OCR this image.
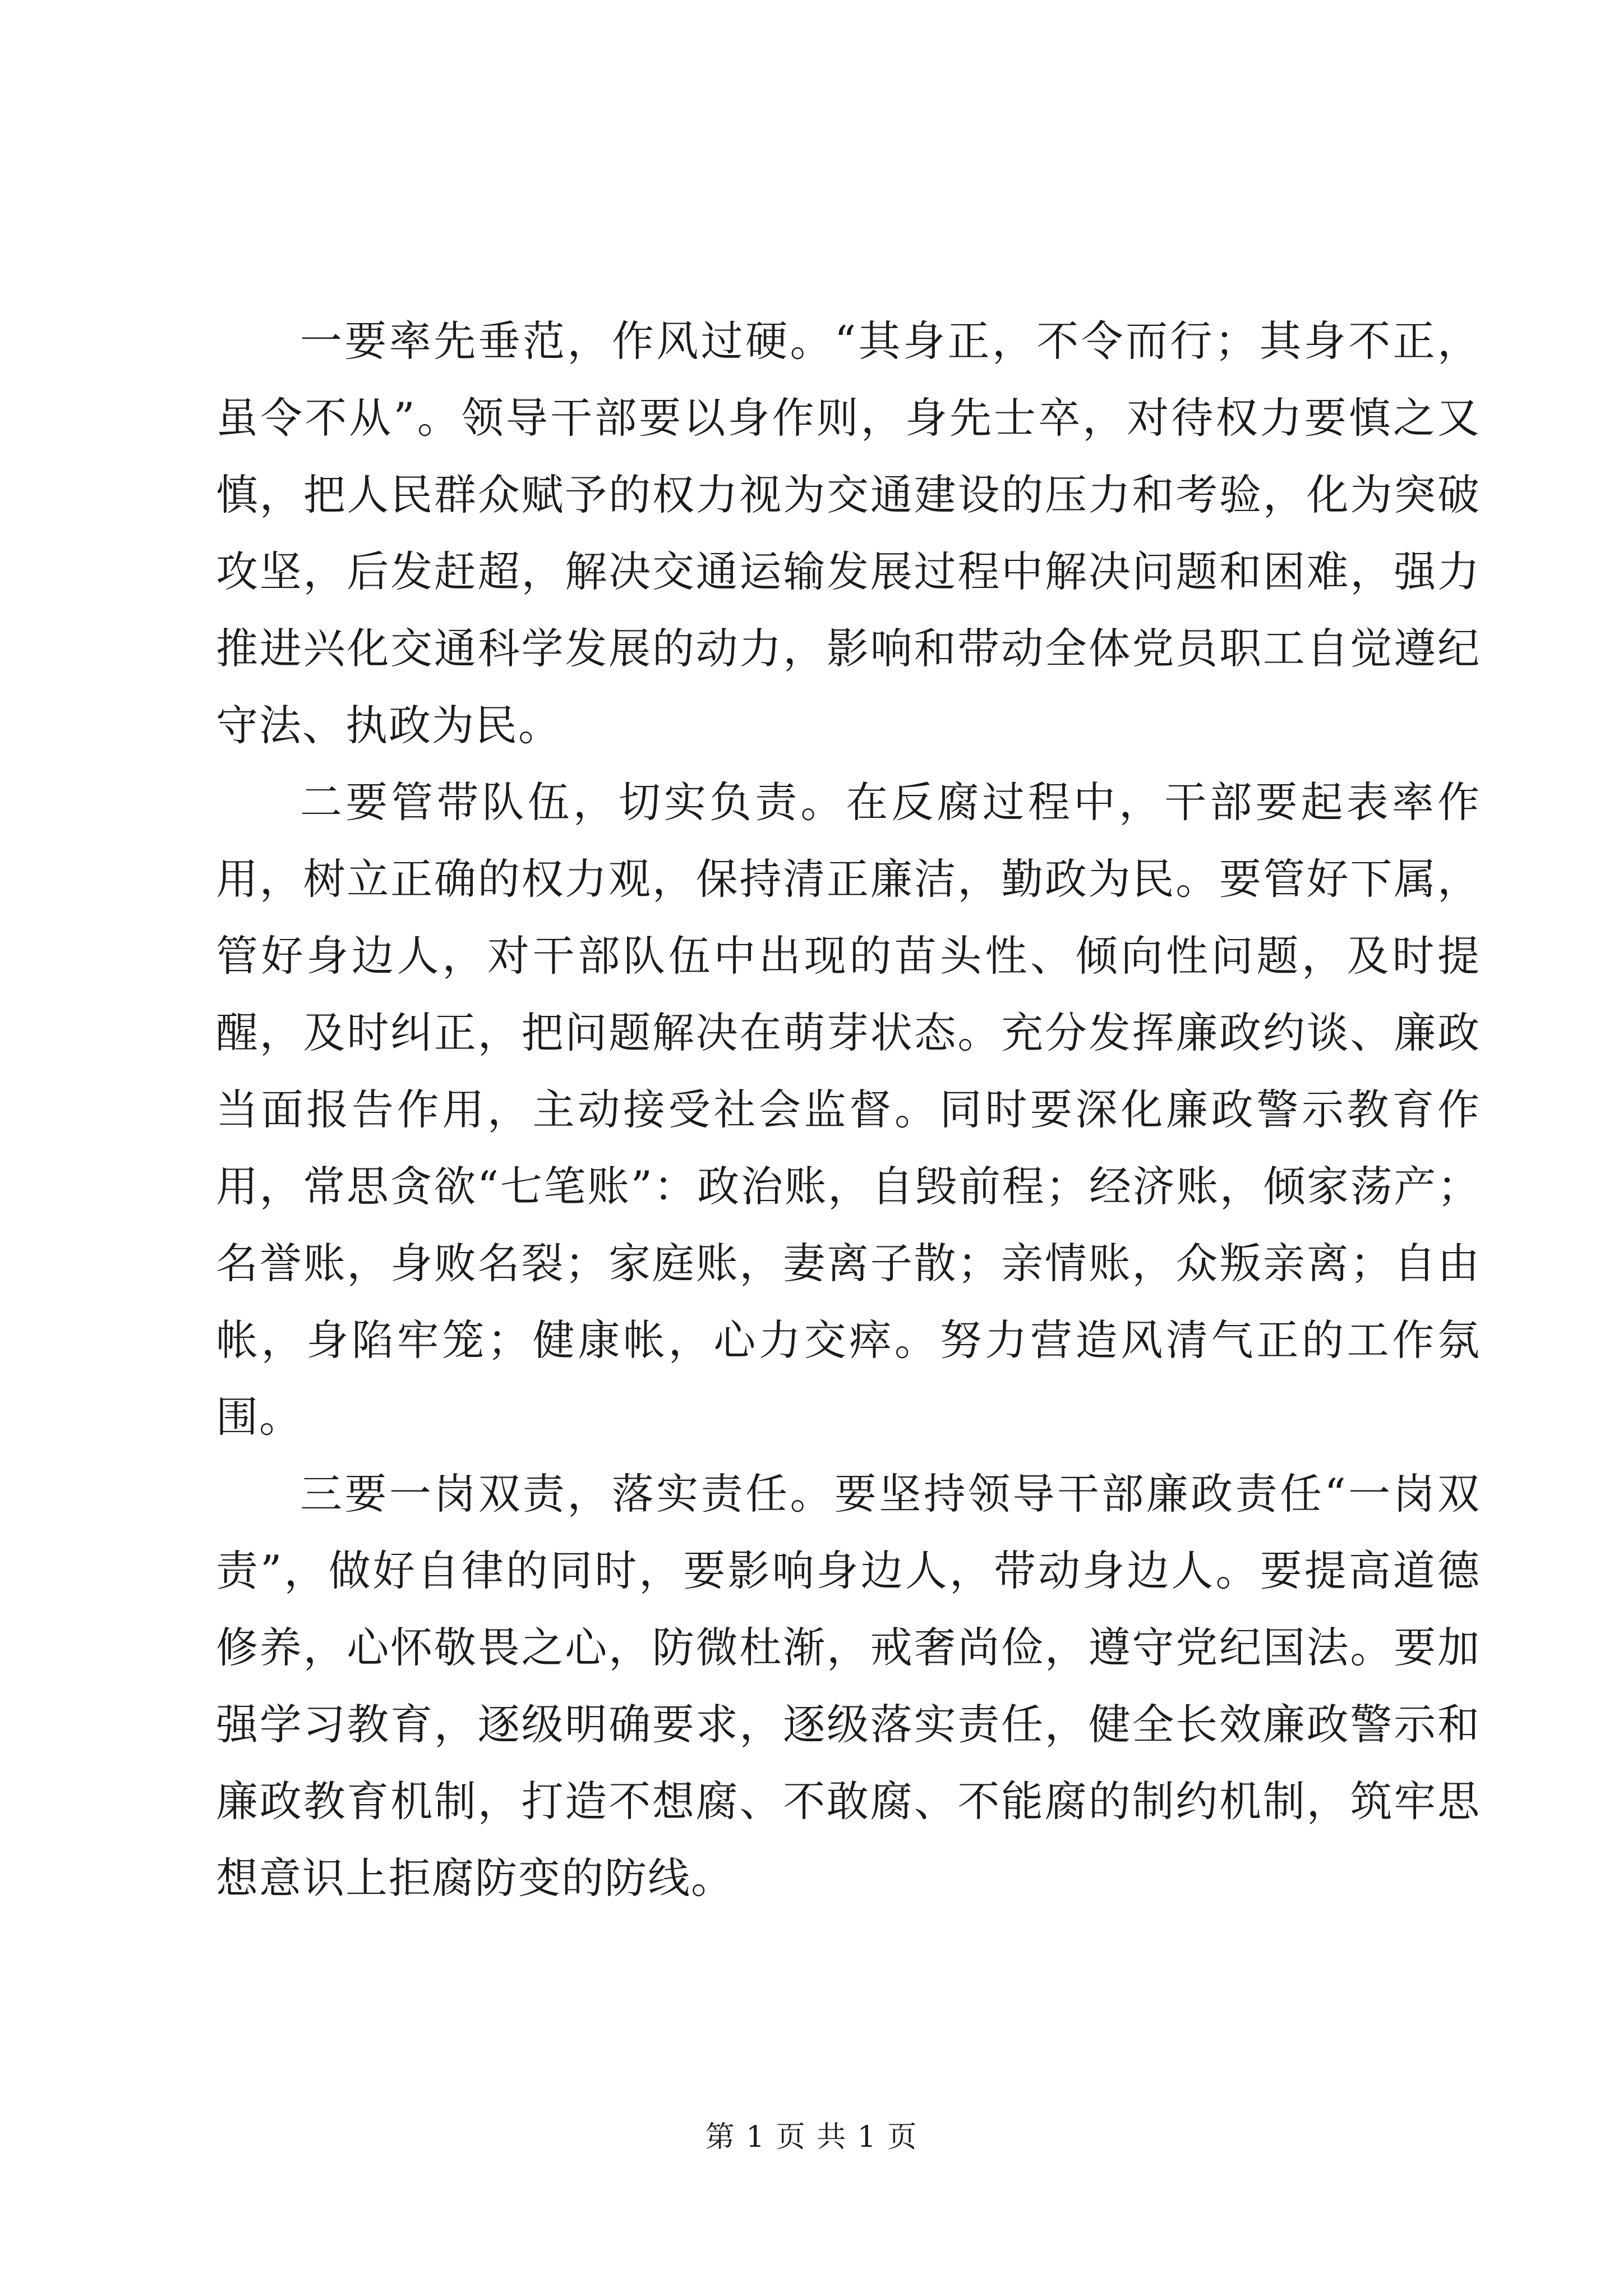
一要率先垂范，作风过硬。“其身正，不令而行；其身不正，虽令不从”。领导干部要以身作则，身先士卒，对待权力要慎之又慎，把人民群众赋予的权力视为交通建设的压力和考验，化为突破攻坚，后发赶超，解决交通运输发展过程中解决问题和困难，强力推进兴化交通科学发展的动力，影响和带动全体党员职工自觉遵纪守法、执政为民。

二要管带队伍，切实负责。在反腐过程中，干部要起表率作用，树立正确的权力观，保持清正廉洁，勤政为民。要管好下属，管好身边人，对干部队伍中出现的苗头性、倾向性问题，及时提醒，及时纠正，把问题解决在萌芽状态。充分发挥廉政约谈、廉政当面报告作用，主动接受社会监督。同时要深化廉政警示教育作用，常思贪欲“七笔账”：政治账，自毁前程；经济账，倾家荡产；名誉账，身败名裂；家庭账，妻离子散；亲情账，众叛亲离；自由帐，身陷牢笼；健康帐，心力交瘁。努力营造风清气正的工作氛围。

三要一岗双责，落实责任。要坚持领导干部廉政责任“一岗双责”，做好自律的同时，要影响身边人，带动身边人。要提高道德修养，心怀敬畏之心，防微杜渐，戒奢尚俭，遵守党纪国法。要加强学习教育，逐级明确要求，逐级落实责任，健全长效廉政警示和廉政教育机制，打造不想腐、不敢腐、不能腐的制约机制，筑牢思想意识上拒腐防变的防线。

第 1 页 共 1 页
